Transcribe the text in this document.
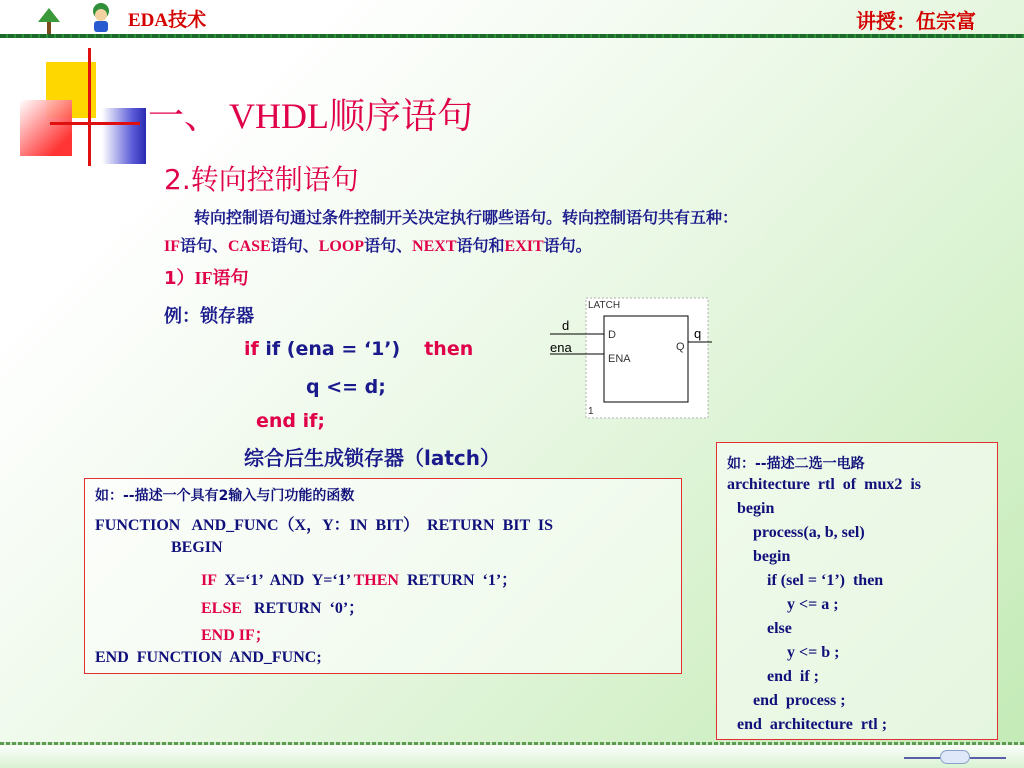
EDA技术	讲授：伍宗富
一、 VHDL顺序语句
2.转向控制语句
转向控制语句通过条件控制开关决定执行哪些语句。转向控制语句共有五种：
IF语句、CASE语句、LOOP语句、NEXT语句和EXIT语句。
1）IF语句
例：锁存器
if if (ena = ‘1’) then
q <= d;
end if;
LATCH
D
ENA
Q
d
ena
q
1
综合后生成锁存器（latch）
如：--描述一个具有2输入与门功能的函数
FUNCTION   AND_FUNC（X，Y：IN  BIT）  RETURN  BIT  IS
BEGIN
IF  X=‘1’  AND  Y=‘1’ THEN  RETURN  ‘1’；
ELSE   RETURN  ‘0’；
END IF；
END  FUNCTION  AND_FUNC;
如：--描述二选一电路
architecture  rtl  of  mux2  is
begin
process(a, b, sel)
begin
if (sel = ‘1’)  then
y <= a ;
else
y <= b ;
end  if ;
end  process ;
end  architecture  rtl ;
